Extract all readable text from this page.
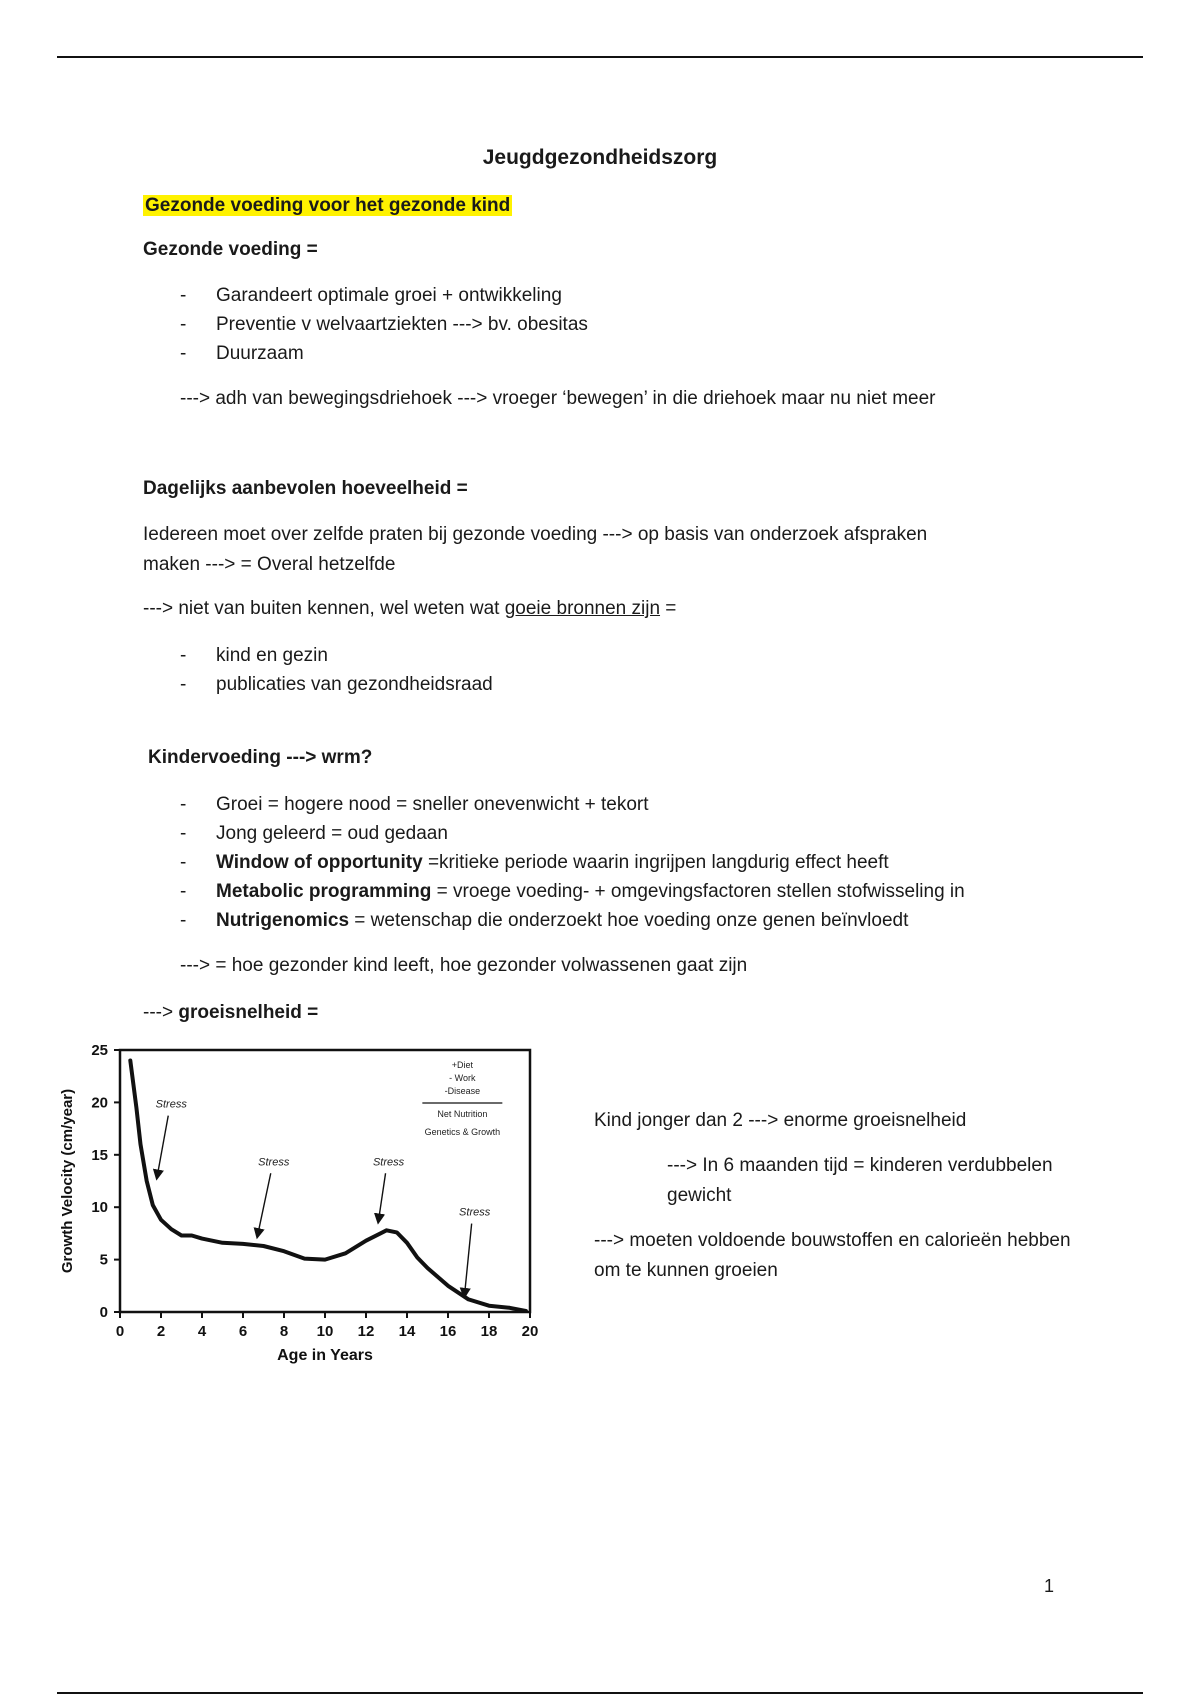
Jeugdgezondheidszorg
Gezonde voeding voor het gezonde kind
Gezonde voeding =
- Garandeert optimale groei + ontwikkeling
- Preventie v welvaartziekten ---> bv. obesitas
- Duurzaam
---> adh van bewegingsdriehoek ---> vroeger ‘bewegen’ in die driehoek maar nu niet meer
Dagelijks aanbevolen hoeveelheid =
Iedereen moet over zelfde praten bij gezonde voeding ---> op basis van onderzoek afspraken
maken ---> = Overal hetzelfde
---> niet van buiten kennen, wel weten wat goeie bronnen zijn =
- kind en gezin
- publicaties van gezondheidsraad
Kindervoeding ---> wrm?
- Groei = hogere nood = sneller onevenwicht + tekort
- Jong geleerd = oud gedaan
- Window of opportunity =kritieke periode waarin ingrijpen langdurig effect heeft
- Metabolic programming = vroege voeding- + omgevingsfactoren stellen stofwisseling in
- Nutrigenomics = wetenschap die onderzoekt hoe voeding onze genen beïnvloedt
---> = hoe gezonder kind leeft, hoe gezonder volwassenen gaat zijn
---> groeisnelheid =
0 2 4 6 8 10 12 14 16 18 20
0
5
10
15
20
25
Age in Years
Growth Velocity (cm/year)	Stress
Stress	Stress
Stress
+Diet
- Work
-Disease
Net Nutrition
Genetics & Growth
Kind jonger dan 2 ---> enorme groeisnelheid
---> In 6 maanden tijd = kinderen verdubbelen
gewicht
---> moeten voldoende bouwstoffen en calorieën hebben
om te kunnen groeien
1
